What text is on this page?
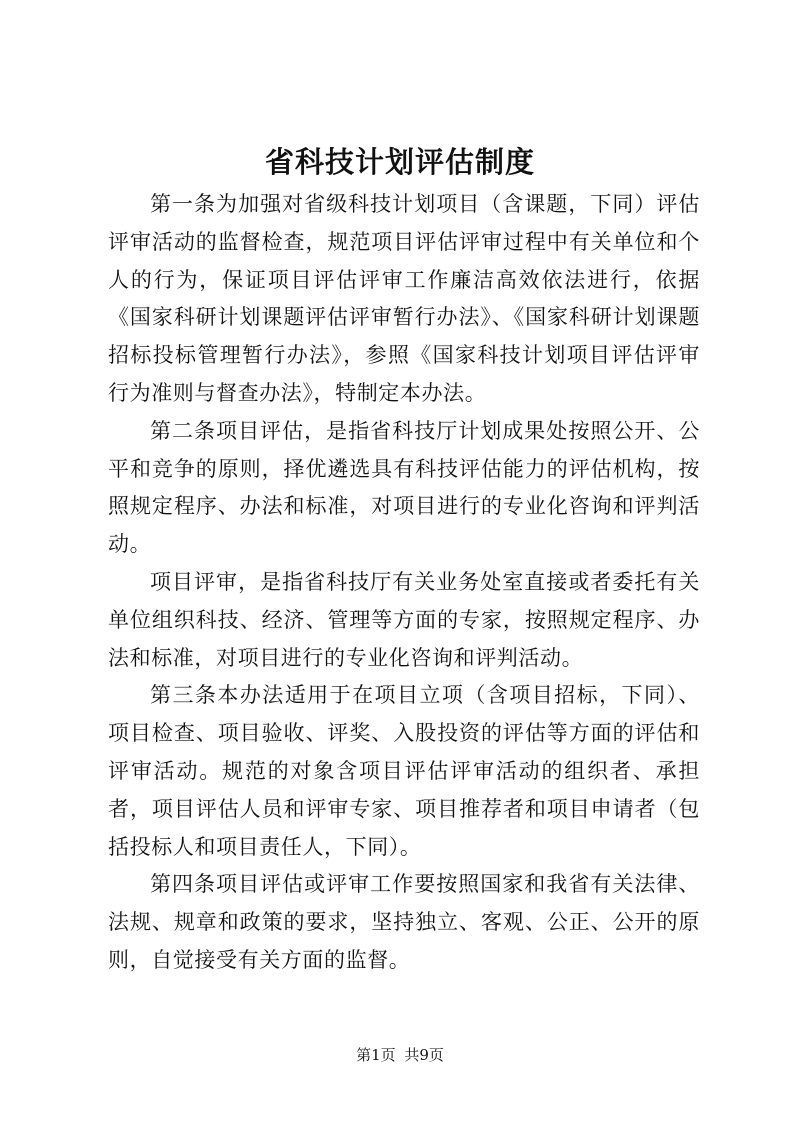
省科技计划评估制度

第一条为加强对省级科技计划项目（含课题，下同）评估评审活动的监督检查，规范项目评估评审过程中有关单位和个人的行为，保证项目评估评审工作廉洁高效依法进行，依据《国家科研计划课题评估评审暂行办法》、《国家科研计划课题招标投标管理暂行办法》，参照《国家科技计划项目评估评审行为准则与督查办法》，特制定本办法。

第二条项目评估，是指省科技厅计划成果处按照公开、公平和竞争的原则，择优遴选具有科技评估能力的评估机构，按照规定程序、办法和标准，对项目进行的专业化咨询和评判活动。

项目评审，是指省科技厅有关业务处室直接或者委托有关单位组织科技、经济、管理等方面的专家，按照规定程序、办法和标准，对项目进行的专业化咨询和评判活动。

第三条本办法适用于在项目立项（含项目招标，下同）、项目检查、项目验收、评奖、入股投资的评估等方面的评估和评审活动。规范的对象含项目评估评审活动的组织者、承担者，项目评估人员和评审专家、项目推荐者和项目申请者（包括投标人和项目责任人，下同）。

第四条项目评估或评审工作要按照国家和我省有关法律、法规、规章和政策的要求，坚持独立、客观、公正、公开的原则，自觉接受有关方面的监督。

第1页 共9页
